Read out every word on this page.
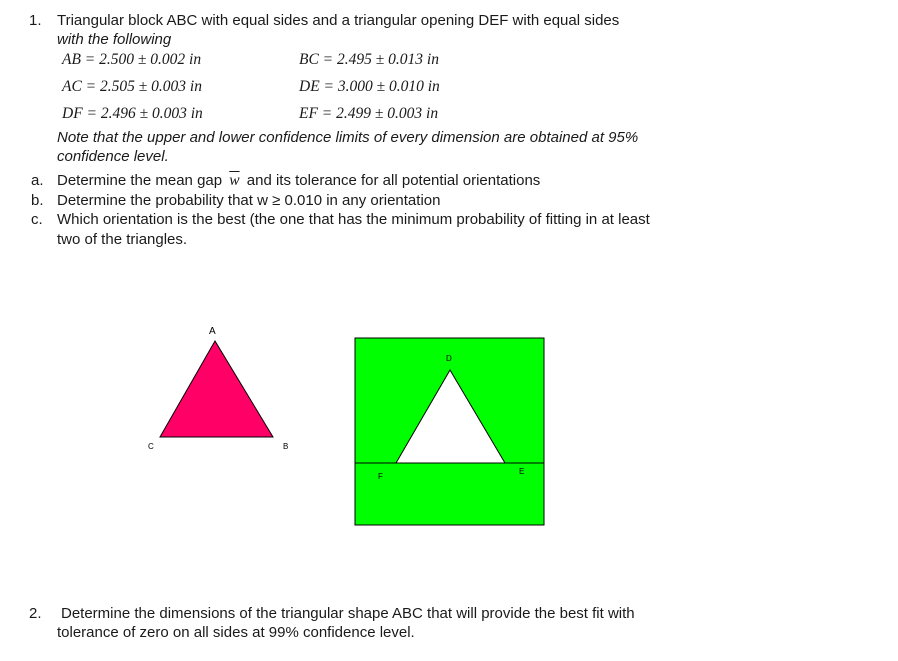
1. Triangular block ABC with equal sides and a triangular opening DEF with equal sides
with the following
AB = 2.500 ± 0.002 in	BC = 2.495 ± 0.013 in
AC = 2.505 ± 0.003 in	DE = 3.000 ± 0.010 in
DF = 2.496 ± 0.003 in	EF = 2.499 ± 0.003 in
Note that the upper and lower confidence limits of every dimension are obtained at 95%
confidence level.
a. Determine the mean gap $\overline{w}$ and its tolerance for all potential orientations
b. Determine the probability that w ≥ 0.010 in any orientation
c. Which orientation is the best (the one that has the minimum probability of fitting in at least
two of the triangles.
A
B
C
D
E
F
2. Determine the dimensions of the triangular shape ABC that will provide the best fit with
tolerance of zero on all sides at 99% confidence level.
